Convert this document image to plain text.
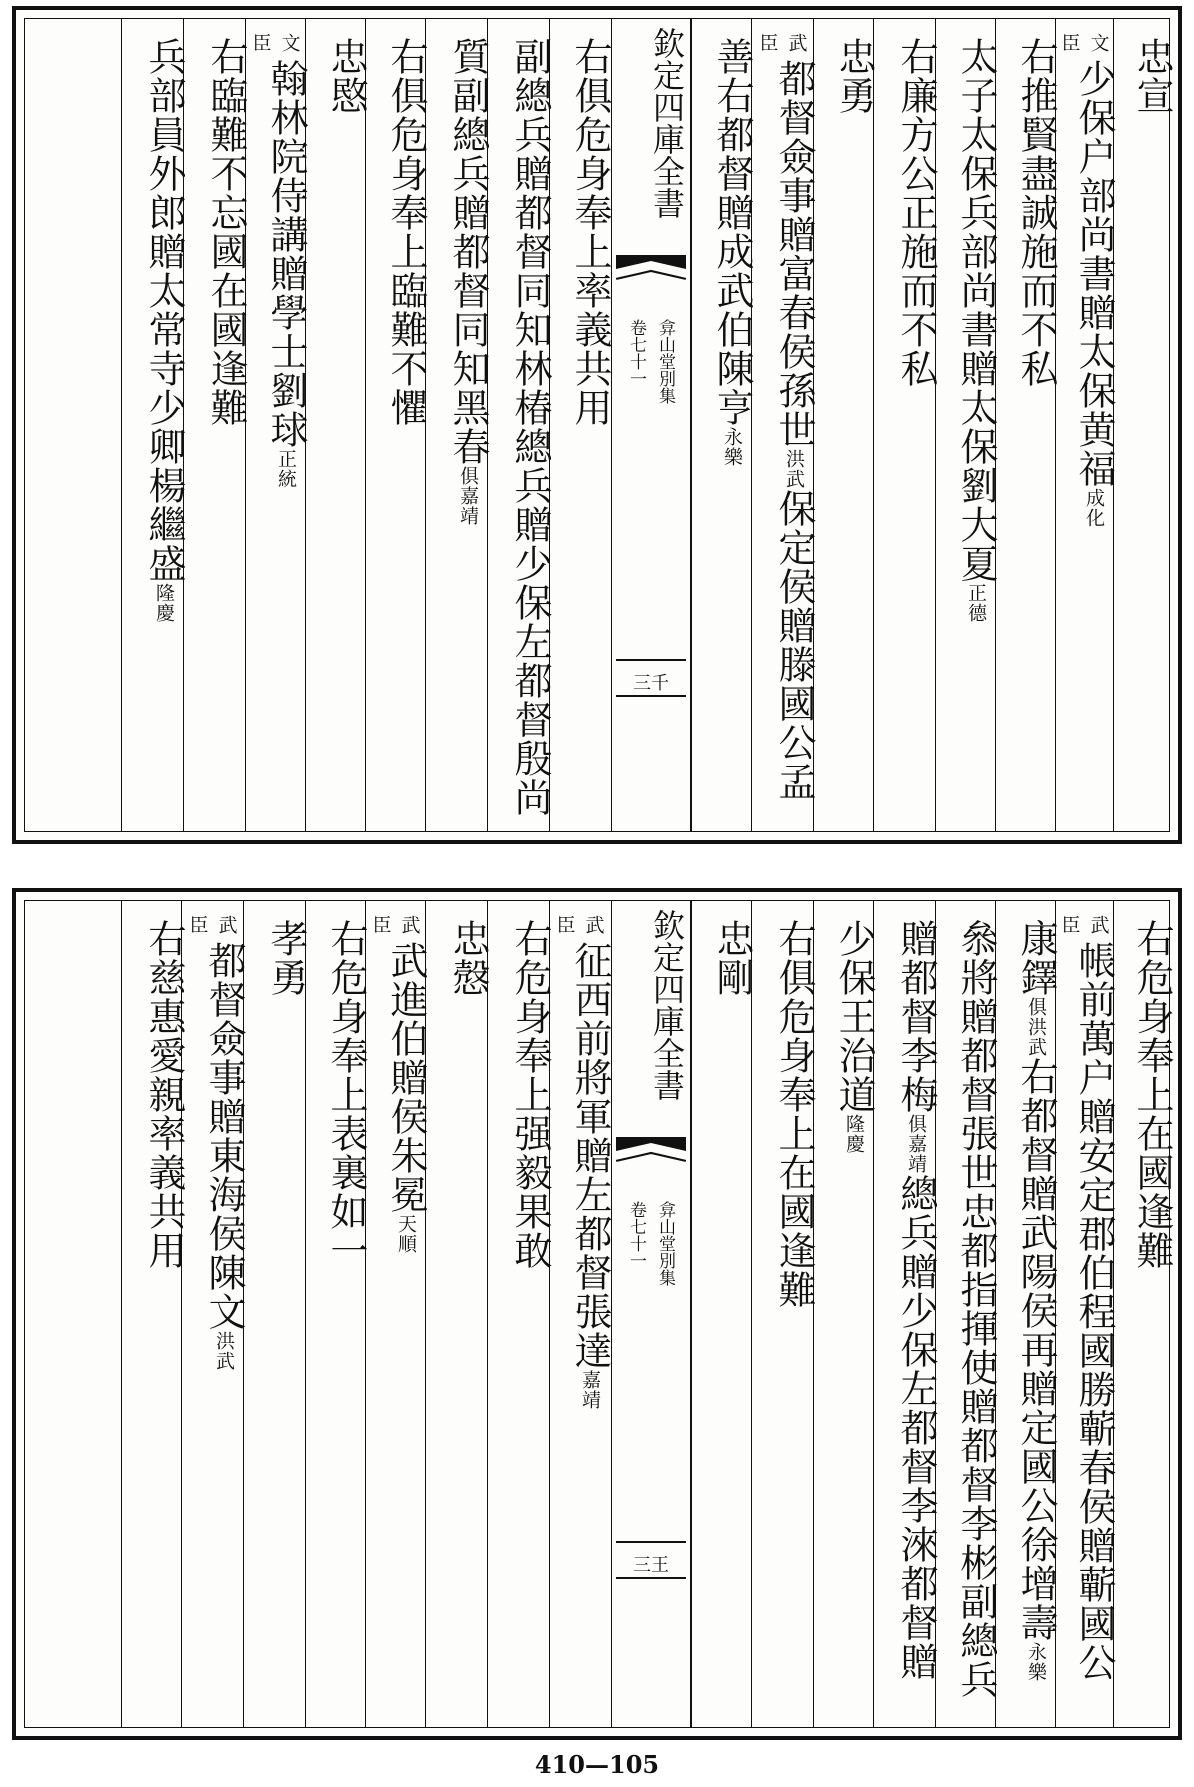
忠宣
文
臣
少保户部尚書贈太保黄福成化
右推賢盡誠施而不私
太子太保兵部尚書贈太保劉大夏正德
右廉方公正施而不私
忠勇
武
臣
都督僉事贈富春侯孫世洪武保定侯贈滕國公孟
善右都督贈成武伯陳亨永樂
右俱危身奉上率義共用
副總兵贈都督同知林椿總兵贈少保左都督殷尚
質副總兵贈都督同知黑春俱嘉靖
右俱危身奉上臨難不懼
忠愍
文
臣
翰林院侍講贈學士劉球正統
右臨難不忘國在國逢難
兵部員外郎贈太常寺少卿楊繼盛隆慶
欽定四庫全書
弇山堂別集
卷七十一
三千
右危身奉上在國逢難
武
臣
帳前萬户贈安定郡伯程國勝蘄春侯贈蘄國公
康鐸俱洪武右都督贈武陽侯再贈定國公徐增壽永樂
叅將贈都督張世忠都指揮使贈都督李彬副總兵
贈都督李梅俱嘉靖總兵贈少保左都督李淶都督贈
少保王治道隆慶
右俱危身奉上在國逢難
忠剛
武
臣
征西前將軍贈左都督張達嘉靖
右危身奉上强毅果敢
忠慤
武
臣
武進伯贈侯朱冕天順
右危身奉上表裏如一
孝勇
武
臣
都督僉事贈東海侯陳文洪武
右慈惠愛親率義共用	欽定四庫全書
弇山堂別集
卷七十一
三王
410—105
